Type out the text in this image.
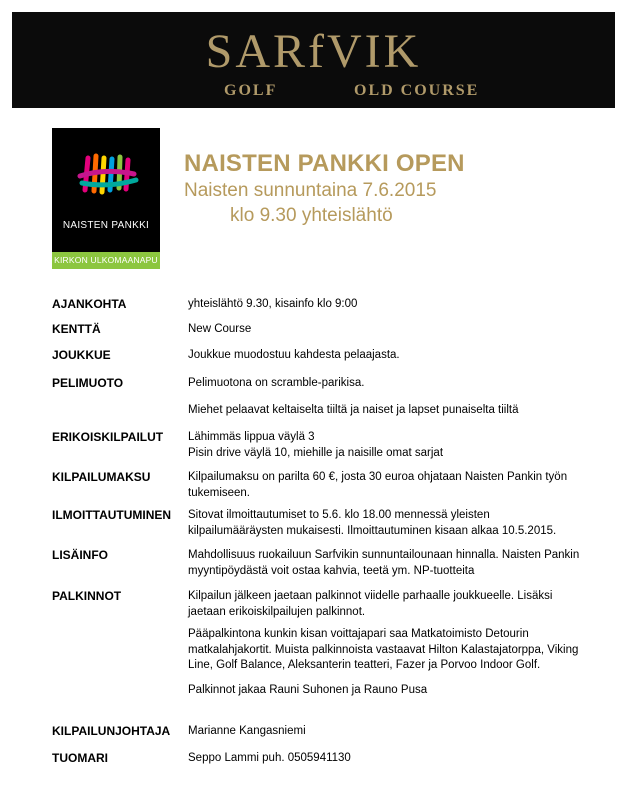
SARfVIK
GOLF	OLD COURSE
NAISTEN PANKKI
KIRKON ULKOMAANAPU
NAISTEN PANKKI OPEN
Naisten sunnuntaina 7.6.2015
klo 9.30 yhteislähtö
AJANKOHTA	yhteislähtö 9.30, kisainfo klo 9:00

KENTTÄ	New Course

JOUKKUE	Joukkue muodostuu kahdesta pelaajasta.

PELIMUOTO	Pelimuotona on scramble-parikisa.

Miehet pelaavat keltaiselta tiiltä ja naiset ja lapset punaiselta tiiltä

ERIKOISKILPAILUT Lähimmäs lippua väylä 3

Pisin drive väylä 10, miehille ja naisille omat sarjat

KILPAILUMAKSU	Kilpailumaksu on parilta 60 €, josta 30 euroa ohjataan Naisten Pankin työn

tukemiseen.

ILMOITTAUTUMINEN Sitovat ilmoittautumiset to 5.6. klo 18.00 mennessä yleisten

kilpailumääräysten mukaisesti. Ilmoittautuminen kisaan alkaa 10.5.2015.

LISÄINFO	Mahdollisuus ruokailuun Sarfvikin sunnuntailounaan hinnalla. Naisten Pankin

myyntipöydästä voit ostaa kahvia, teetä ym. NP-tuotteita

PALKINNOT	Kilpailun jälkeen jaetaan palkinnot viidelle parhaalle joukkueelle. Lisäksi

jaetaan erikoiskilpailujen palkinnot.

Pääpalkintona kunkin kisan voittajapari saa Matkatoimisto Detourin

matkalahjakortit. Muista palkinnoista vastaavat Hilton Kalastajatorppa, Viking

Line, Golf Balance, Aleksanterin teatteri, Fazer ja Porvoo Indoor Golf.

Palkinnot jakaa Rauni Suhonen ja Rauno Pusa

KILPAILUNJOHTAJA Marianne Kangasniemi

TUOMARI	Seppo Lammi puh. 0505941130
